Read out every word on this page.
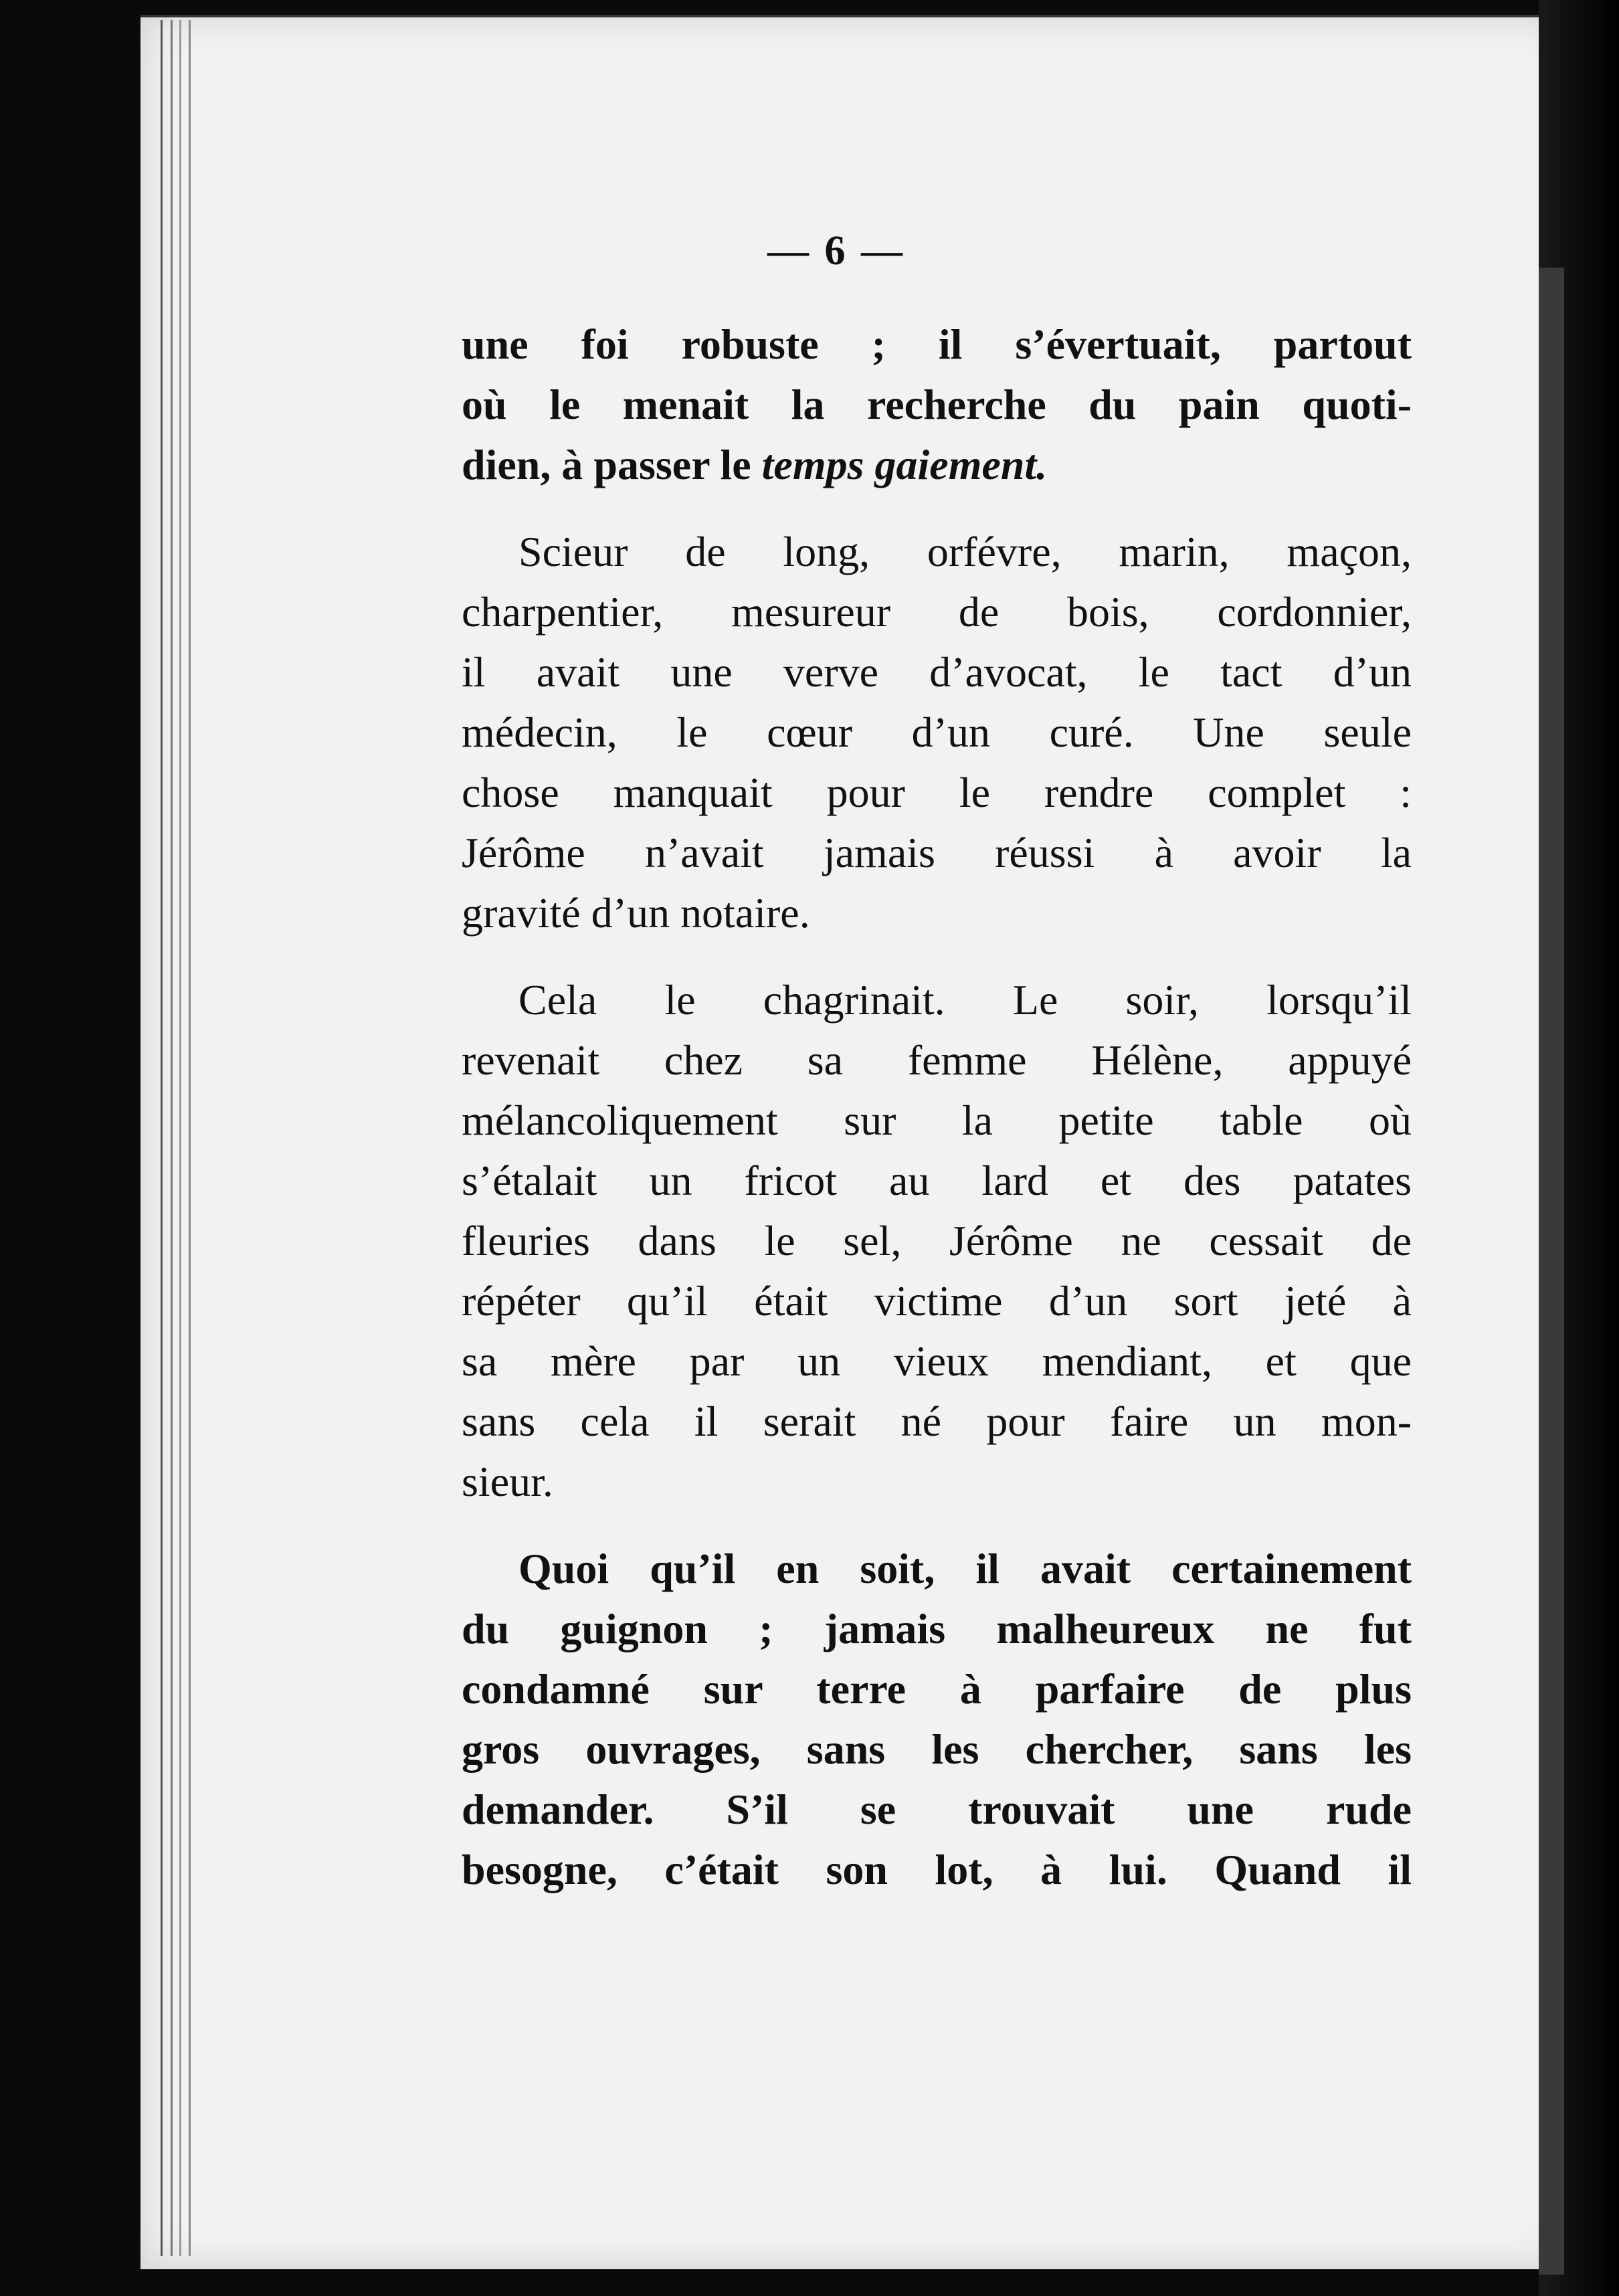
— 6 —
une foi robuste ; il s’évertuait, partout
où le menait la recherche du pain quoti-
dien, à passer le temps gaiement.
Scieur de long, orfévre, marin, maçon,
charpentier, mesureur de bois, cordonnier,
il avait une verve d’avocat, le tact d’un
médecin, le cœur d’un curé. Une seule
chose manquait pour le rendre complet :
Jérôme n’avait jamais réussi à avoir la
gravité d’un notaire.
Cela le chagrinait. Le soir, lorsqu’il
revenait chez sa femme Hélène, appuyé
mélancoliquement sur la petite table où
s’étalait un fricot au lard et des patates
fleuries dans le sel, Jérôme ne cessait de
répéter qu’il était victime d’un sort jeté à
sa mère par un vieux mendiant, et que
sans cela il serait né pour faire un mon-
sieur.
Quoi qu’il en soit, il avait certainement
du guignon ; jamais malheureux ne fut
condamné sur terre à parfaire de plus
gros ouvrages, sans les chercher, sans les
demander. S’il se trouvait une rude
besogne, c’était son lot, à lui. Quand il
